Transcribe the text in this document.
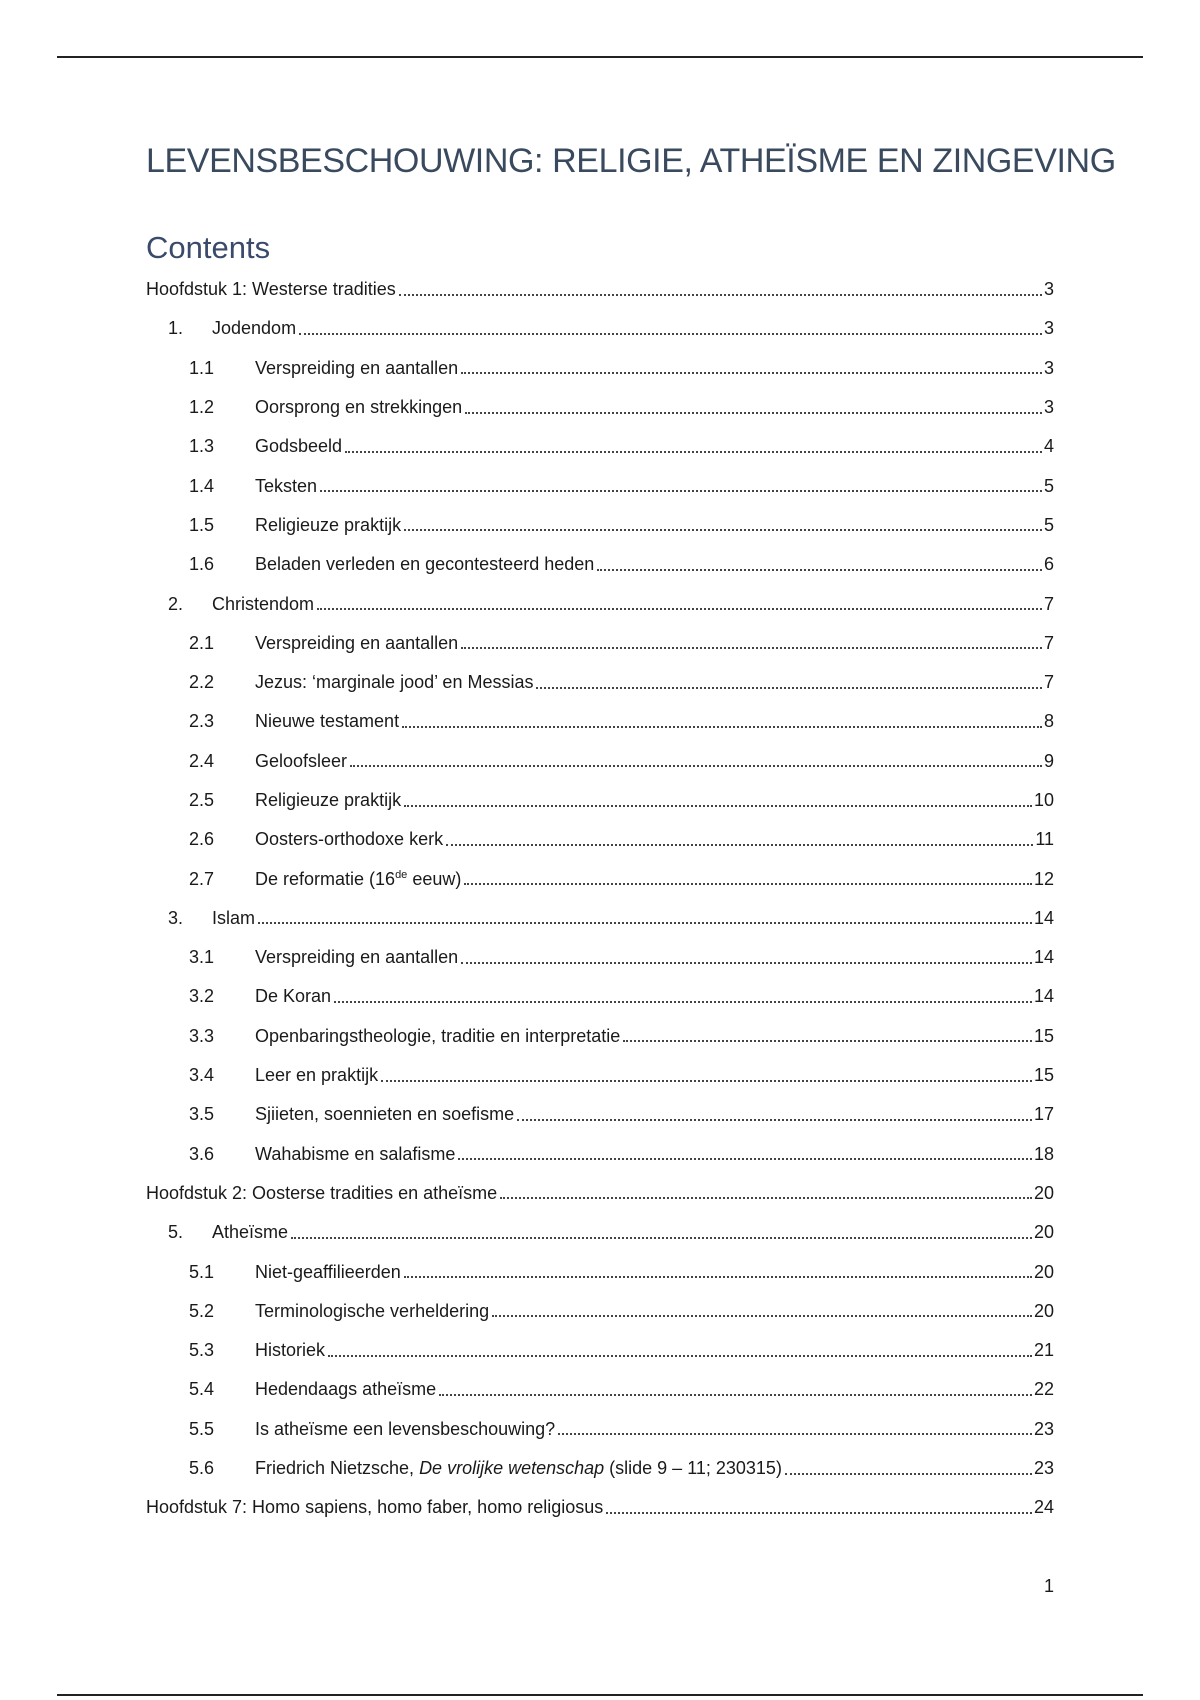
LEVENSBESCHOUWING: RELIGIE, ATHEÏSME EN ZINGEVING
Contents
Hoofdstuk 1: Westerse tradities	3
1.	Jodendom	3
1.1	Verspreiding en aantallen	3
1.2	Oorsprong en strekkingen	3
1.3	Godsbeeld	4
1.4	Teksten	5
1.5	Religieuze praktijk	5
1.6	Beladen verleden en gecontesteerd heden	6
2.	Christendom	7
2.1	Verspreiding en aantallen	7
2.2	Jezus: ‘marginale jood’ en Messias	7
2.3	Nieuwe testament	8
2.4	Geloofsleer	9
2.5	Religieuze praktijk	10
2.6	Oosters-orthodoxe kerk	11
2.7	De reformatie (16de eeuw)	12
3.	Islam	14
3.1	Verspreiding en aantallen	14
3.2	De Koran	14
3.3	Openbaringstheologie, traditie en interpretatie	15
3.4	Leer en praktijk	15
3.5	Sjiieten, soennieten en soefisme	17
3.6	Wahabisme en salafisme	18
Hoofdstuk 2: Oosterse tradities en atheïsme	20
5.	Atheïsme	20
5.1	Niet-geaffilieerden	20
5.2	Terminologische verheldering	20
5.3	Historiek	21
5.4	Hedendaags atheïsme	22
5.5	Is atheïsme een levensbeschouwing?	23
5.6	Friedrich Nietzsche, De vrolijke wetenschap (slide 9 – 11; 230315)	23
Hoofdstuk 7: Homo sapiens, homo faber, homo religiosus	24
1
